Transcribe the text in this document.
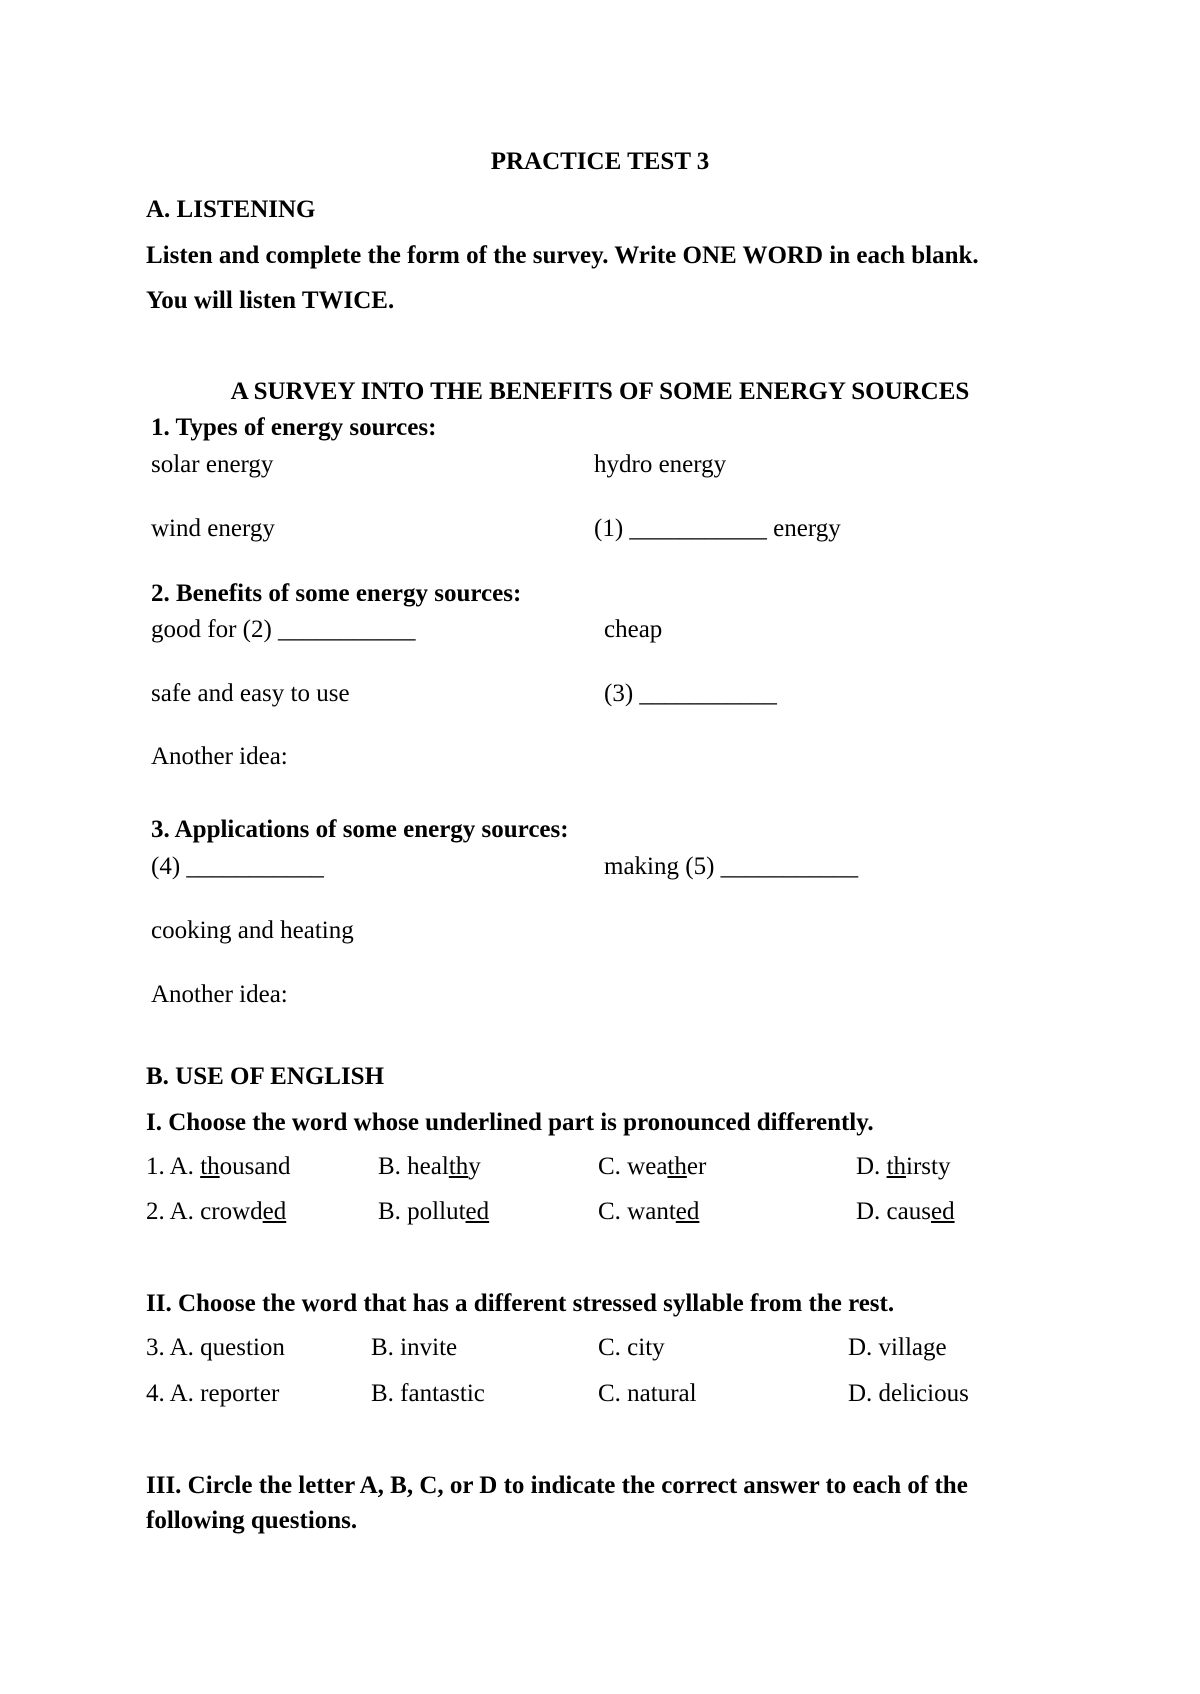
PRACTICE TEST 3
A. LISTENING
Listen and complete the form of the survey. Write ONE WORD in each blank.
You will listen TWICE.
A SURVEY INTO THE BENEFITS OF SOME ENERGY SOURCES
1. Types of energy sources:
solar energy	hydro energy
wind energy	(1) ___________ energy
2. Benefits of some energy sources:
good for (2) ___________	cheap
safe and easy to use	(3) ___________
Another idea:
3. Applications of some energy sources:
(4) ___________	making (5) ___________
cooking and heating
Another idea:
B. USE OF ENGLISH
I. Choose the word whose underlined part is pronounced differently.
1. A. thousand	B. healthy	C. weather	D. thirsty
2. A. crowded	B. polluted	C. wanted	D. caused
II. Choose the word that has a different stressed syllable from the rest.
3. A. question	B. invite	C. city	D. village
4. A. reporter	B. fantastic	C. natural	D. delicious
III. Circle the letter A, B, C, or D to indicate the correct answer to each of the
following questions.
